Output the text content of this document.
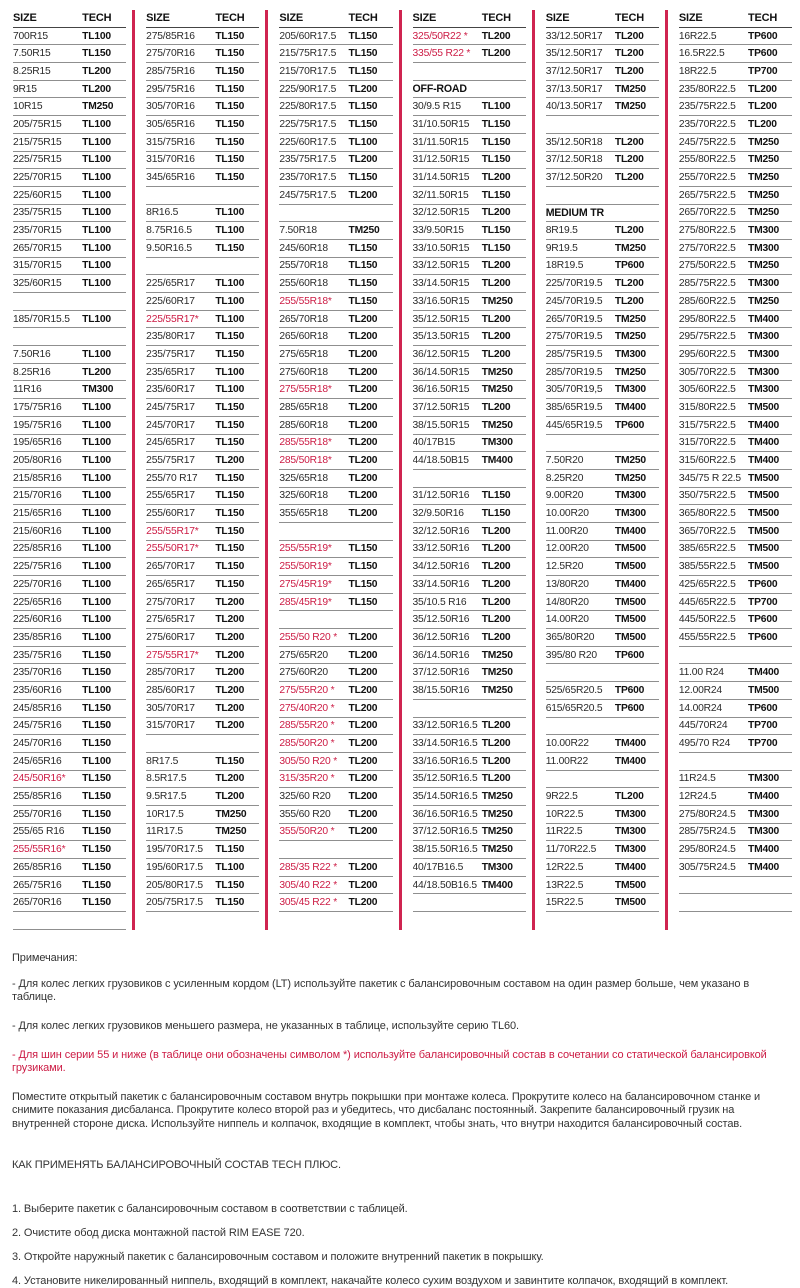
SIZE	TECH
700R15	TL100
7.50R15	TL150
8.25R15	TL200
9R15	TL200
10R15	TM250
205/75R15	TL100
215/75R15	TL100
225/75R15	TL100
225/70R15	TL100
225/60R15	TL100
235/75R15	TL100
235/70R15	TL100
265/70R15	TL100
315/70R15	TL100
325/60R15	TL100
185/70R15.5	TL100
7.50R16	TL100
8.25R16	TL200
11R16	TM300
175/75R16	TL100
195/75R16	TL100
195/65R16	TL100
205/80R16	TL100
215/85R16	TL100
215/70R16	TL100
215/65R16	TL100
215/60R16	TL100
225/85R16	TL100
225/75R16	TL100
225/70R16	TL100
225/65R16	TL100
225/60R16	TL100
235/85R16	TL100
235/75R16	TL150
235/70R16	TL150
235/60R16	TL100
245/85R16	TL150
245/75R16	TL150
245/70R16	TL150
245/65R16	TL100
245/50R16*	TL150
255/85R16	TL150
255/70R16	TL150
255/65 R16	TL150
255/55R16*	TL150
265/85R16	TL150
265/75R16	TL150
265/70R16	TL150
SIZE	TECH
275/85R16	TL150
275/70R16	TL150
285/75R16	TL150
295/75R16	TL150
305/70R16	TL150
305/65R16	TL150
315/75R16	TL150
315/70R16	TL150
345/65R16	TL150
8R16.5	TL100
8.75R16.5	TL100
9.50R16.5	TL150
225/65R17	TL100
225/60R17	TL100
225/55R17*	TL100
235/80R17	TL150
235/75R17	TL150
235/65R17	TL100
235/60R17	TL100
245/75R17	TL150
245/70R17	TL150
245/65R17	TL150
255/75R17	TL200
255/70 R17	TL150
255/65R17	TL150
255/60R17	TL150
255/55R17*	TL150
255/50R17*	TL150
265/70R17	TL150
265/65R17	TL150
275/70R17	TL200
275/65R17	TL200
275/60R17	TL200
275/55R17*	TL200
285/70R17	TL200
285/60R17	TL200
305/70R17	TL200
315/70R17	TL200
8R17.5	TL150
8.5R17.5	TL200
9.5R17.5	TL200
10R17.5	TM250
11R17.5	TM250
195/70R17.5	TL150
195/60R17.5	TL100
205/80R17.5	TL150
205/75R17.5	TL150
SIZE	TECH
205/60R17.5	TL150
215/75R17.5	TL150
215/70R17.5	TL150
225/90R17.5	TL200
225/80R17.5	TL150
225/75R17.5	TL150
225/60R17.5	TL100
235/75R17.5	TL200
235/70R17.5	TL150
245/75R17.5	TL200
7.50R18	TM250
245/60R18	TL150
255/70R18	TL150
255/60R18	TL150
255/55R18*	TL150
265/70R18	TL200
265/60R18	TL200
275/65R18	TL200
275/60R18	TL200
275/55R18*	TL200
285/65R18	TL200
285/60R18	TL200
285/55R18*	TL200
285/50R18*	TL200
325/65R18	TL200
325/60R18	TL200
355/65R18	TL200
255/55R19*	TL150
255/50R19*	TL150
275/45R19*	TL150
285/45R19*	TL150
255/50 R20 *	TL200
275/65R20	TL200
275/60R20	TL200
275/55R20 *	TL200
275/40R20 *	TL200
285/55R20 *	TL200
285/50R20 *	TL200
305/50 R20 *	TL200
315/35R20 *	TL200
325/60 R20	TL200
355/60 R20	TL200
355/50R20 *	TL200
285/35 R22 *	TL200
305/40 R22 *	TL200
305/45 R22 *	TL200
SIZE	TECH
325/50R22 *	TL200
335/55 R22 *	TL200
OFF-ROAD
30/9.5 R15	TL100
31/10.50R15	TL150
31/11.50R15	TL150
31/12.50R15	TL150
31/14.50R15	TL200
32/11.50R15	TL150
32/12.50R15	TL200
33/9.50R15	TL150
33/10.50R15	TL150
33/12.50R15	TL200
33/14.50R15	TL200
33/16.50R15	TM250
35/12.50R15	TL200
35/13.50R15	TL200
36/12.50R15	TL200
36/14.50R15	TM250
36/16.50R15	TM250
37/12.50R15	TL200
38/15.50R15	TM250
40/17B15	TM300
44/18.50B15	TM400
31/12.50R16	TL150
32/9.50R16	TL150
32/12.50R16	TL200
33/12.50R16	TL200
34/12.50R16	TL200
33/14.50R16	TL200
35/10.5 R16	TL200
35/12.50R16	TL200
36/12.50R16	TL200
36/14.50R16	TM250
37/12.50R16	TM250
38/15.50R16	TM250
33/12.50R16.5 TL200
33/14.50R16.5 TL200
33/16.50R16.5 TL200
35/12.50R16.5 TL200
35/14.50R16.5 TM250
36/16.50R16.5 TM250
37/12.50R16.5 TM250
38/15.50R16.5 TM250
40/17B16.5	TM300
44/18.50B16.5 TM400
SIZE	TECH
33/12.50R17	TL200
35/12.50R17	TL200
37/12.50R17	TL200
37/13.50R17	TM250
40/13.50R17	TM250
35/12.50R18	TL200
37/12.50R18	TL200
37/12.50R20	TL200
MEDIUM TR
8R19.5	TL200
9R19.5	TM250
18R19.5	TP600
225/70R19.5	TL200
245/70R19.5	TL200
265/70R19.5	TM250
275/70R19.5	TM250
285/75R19.5	TM300
285/70R19.5	TM250
305/70R19,5	TM300
385/65R19.5	TM400
445/65R19.5	TP600
7.50R20	TM250
8.25R20	TM250
9.00R20	TM300
10.00R20	TM300
11.00R20	TM400
12.00R20	TM500
12.5R20	TM500
13/80R20	TM400
14/80R20	TM500
14.00R20	TM500
365/80R20	TM500
395/80 R20	TP600
525/65R20.5	TP600
615/65R20.5	TP600
10.00R22	TM400
11.00R22	TM400
9R22.5	TL200
10R22.5	TM300
11R22.5	TM300
11/70R22.5	TM300
12R22.5	TM400
13R22.5	TM500
15R22.5	TM500
SIZE	TECH
16R22.5	TP600
16.5R22.5	TP600
18R22.5	TP700
235/80R22.5	TL200
235/75R22.5	TL200
235/70R22.5	TL200
245/75R22.5	TM250
255/80R22.5	TM250
255/70R22.5	TM250
265/75R22.5	TM250
265/70R22.5	TM250
275/80R22.5	TM300
275/70R22.5	TM300
275/50R22.5	TM250
285/75R22.5	TM300
285/60R22.5	TM250
295/80R22.5	TM400
295/75R22.5	TM300
295/60R22.5	TM300
305/70R22.5	TM300
305/60R22.5	TM300
315/80R22.5	TM500
315/75R22.5	TM400
315/70R22.5	TM400
315/60R22.5	TM400
345/75 R 22.5 TM500
350/75R22.5	TM500
365/80R22.5	TM500
365/70R22.5	TM500
385/65R22.5	TM500
385/55R22.5	TM500
425/65R22.5	TP600
445/65R22.5	TP700
445/50R22.5	TP600
455/55R22.5	TP600
11.00 R24	TM400
12.00R24	TM500
14.00R24	TP600
445/70R24	TP700
495/70 R24	TP700
11R24.5	TM300
12R24.5	TM400
275/80R24.5	TM300
285/75R24.5	TM300
295/80R24.5	TM400
305/75R24.5	TM400
Примечания:
- Для колес легких грузовиков с усиленным кордом (LT) используйте пакетик с балансировочным составом на один размер больше, чем указано в таблице.
- Для колес легких грузовиков меньшего размера, не указанных в таблице, используйте серию TL60.
- Для шин серии 55 и ниже (в таблице они обозначены символом *) используйте балансировочный состав в сочетании со статической балансировкой грузиками.
Поместите открытый пакетик с балансировочным составом внутрь покрышки при монтаже колеса. Прокрутите колесо на балансировочном станке и снимите показания дисбаланса. Прокрутите колесо второй раз и убедитесь, что дисбаланс постоянный. Закрепите балансировочный грузик на внутренней стороне диска. Используйте ниппель и колпачок, входящие в комплект, чтобы знать, что внутри находится балансировочный состав.
КАК ПРИМЕНЯТЬ БАЛАНСИРОВОЧНЫЙ СОСТАВ TECH ПЛЮС.
1. Выберите пакетик с балансировочным составом в соответствии с таблицей.
2. Очистите обод диска монтажной пастой RIM EASE 720.
3. Откройте наружный пакетик с балансировочным составом и положите внутренний пакетик в покрышку.
4. Установите никелированный ниппель, входящий в комплект, накачайте колесо сухим воздухом и завинтите колпачок, входящий в комплект.
